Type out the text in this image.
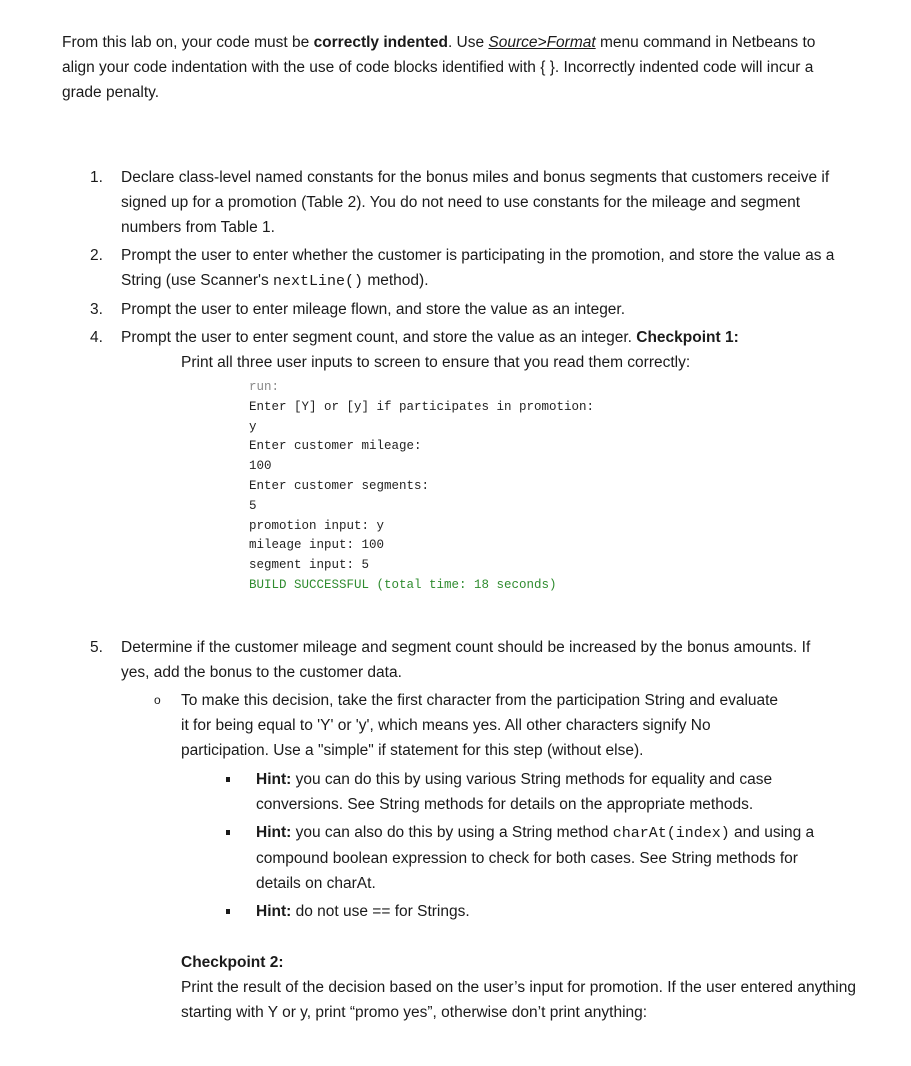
From this lab on, your code must be correctly indented. Use Source>Format menu command in Netbeans to align your code indentation with the use of code blocks identified with { }. Incorrectly indented code will incur a grade penalty.
1.	Declare class-level named constants for the bonus miles and bonus segments that customers receive if signed up for a promotion (Table 2). You do not need to use constants for the mileage and segment numbers from Table 1.
2.	Prompt the user to enter whether the customer is participating in the promotion, and store the value as a String (use Scanner's nextLine() method).
3.	Prompt the user to enter mileage flown, and store the value as an integer.
4.	Prompt the user to enter segment count, and store the value as an integer. Checkpoint 1:
Print all three user inputs to screen to ensure that you read them correctly:
run:
Enter [Y] or [y] if participates in promotion:
y
Enter customer mileage:
100
Enter customer segments:
5
promotion input: y
mileage input: 100
segment input: 5
BUILD SUCCESSFUL (total time: 18 seconds)
5.	Determine if the customer mileage and segment count should be increased by the bonus amounts. If yes, add the bonus to the customer data.
o To make this decision, take the first character from the participation String and evaluate it for being equal to 'Y' or 'y', which means yes. All other characters signify No participation. Use a "simple" if statement for this step (without else).
Hint: you can do this by using various String methods for equality and case conversions. See String methods for details on the appropriate methods.
Hint: you can also do this by using a String method charAt(index) and using a compound boolean expression to check for both cases. See String methods for details on charAt.
Hint: do not use == for Strings.
Checkpoint 2:
Print the result of the decision based on the user’s input for promotion. If the user entered anything starting with Y or y, print “promo yes”, otherwise don’t print anything:
